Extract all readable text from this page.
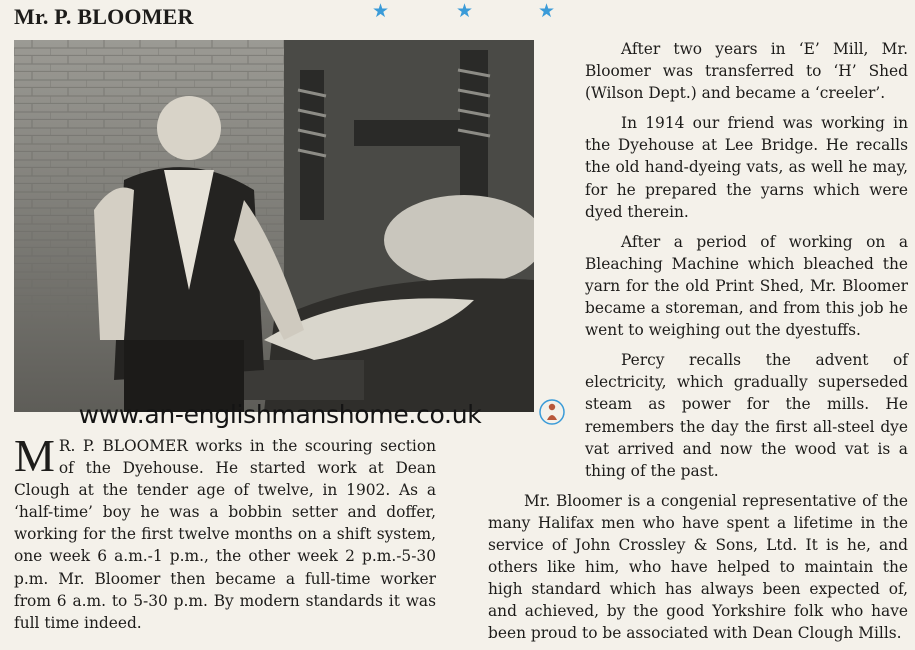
Mr. P. BLOOMER	★	★	★
www.an-englishmanshome.co.uk

M R. P. BLOOMER works in the scouring section of the Dyehouse. He started work at Dean Clough at the tender age of twelve, in 1902. As a ‘half-time’ boy he was a bobbin setter and doffer, working for the first twelve months on a shift system, one week 6 a.m.-1 p.m., the other week 2 p.m.-5-30 p.m. Mr. Bloomer then became a full-time worker from 6 a.m. to 5-30 p.m. By modern standards it was full time indeed.

After two years in ‘E’ Mill, Mr. Bloomer was transferred to ‘H’ Shed (Wilson Dept.) and became a ‘creeler’.

In 1914 our friend was working in the Dyehouse at Lee Bridge. He recalls the old hand-dyeing vats, as well he may, for he prepared the yarns which were dyed therein.

After a period of working on a Bleaching Machine which bleached the yarn for the old Print Shed, Mr. Bloomer became a storeman, and from this job he went to weighing out the dyestuffs.

Percy recalls the advent of electricity, which gradually superseded steam as power for the mills. He remembers the day the first all-steel dye vat arrived and now the wood vat is a thing of the past.

Mr. Bloomer is a congenial representative of the many Halifax men who have spent a lifetime in the service of John Crossley & Sons, Ltd. It is he, and others like him, who have helped to maintain the high standard which has always been expected of, and achieved, by the good Yorkshire folk who have been proud to be associated with Dean Clough Mills.
